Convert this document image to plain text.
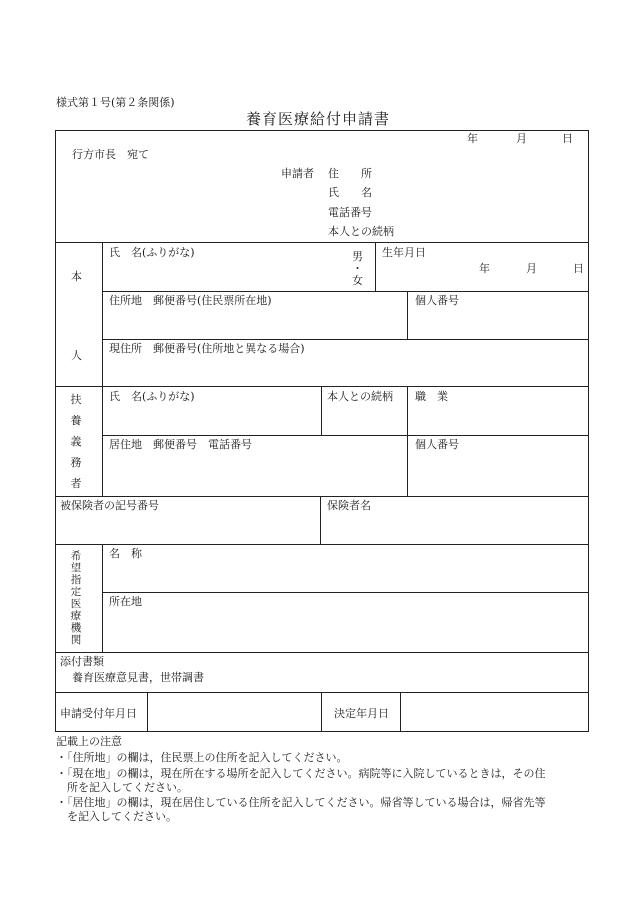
様式第１号(第２条関係)
養育医療給付申請書
年	月	日
行方市長　宛て
申請者 住　　所
氏　　名
電話番号
本人との続柄
本
人
氏　名(ふりがな)	男
・
女
生年月日
年	月	日
住所地　郵便番号(住民票所在地)	個人番号
現住所　郵便番号(住所地と異なる場合)
扶
養
義
務
者
氏　名(ふりがな)	本人との続柄 職　業
居住地　郵便番号　電話番号	個人番号
被保険者の記号番号	保険者名
希
望
指
定
医
療
機
関
名　称
所在地
添付書類
養育医療意見書，世帯調書
申請受付年月日	決定年月日
記載上の注意
・「住所地」の欄は，住民票上の住所を記入してください。
・「現在地」の欄は，現在所在する場所を記入してください。病院等に入院しているときは，その住
　所を記入してください。
・「居住地」の欄は，現在居住している住所を記入してください。帰省等している場合は，帰省先等
　を記入してください。
